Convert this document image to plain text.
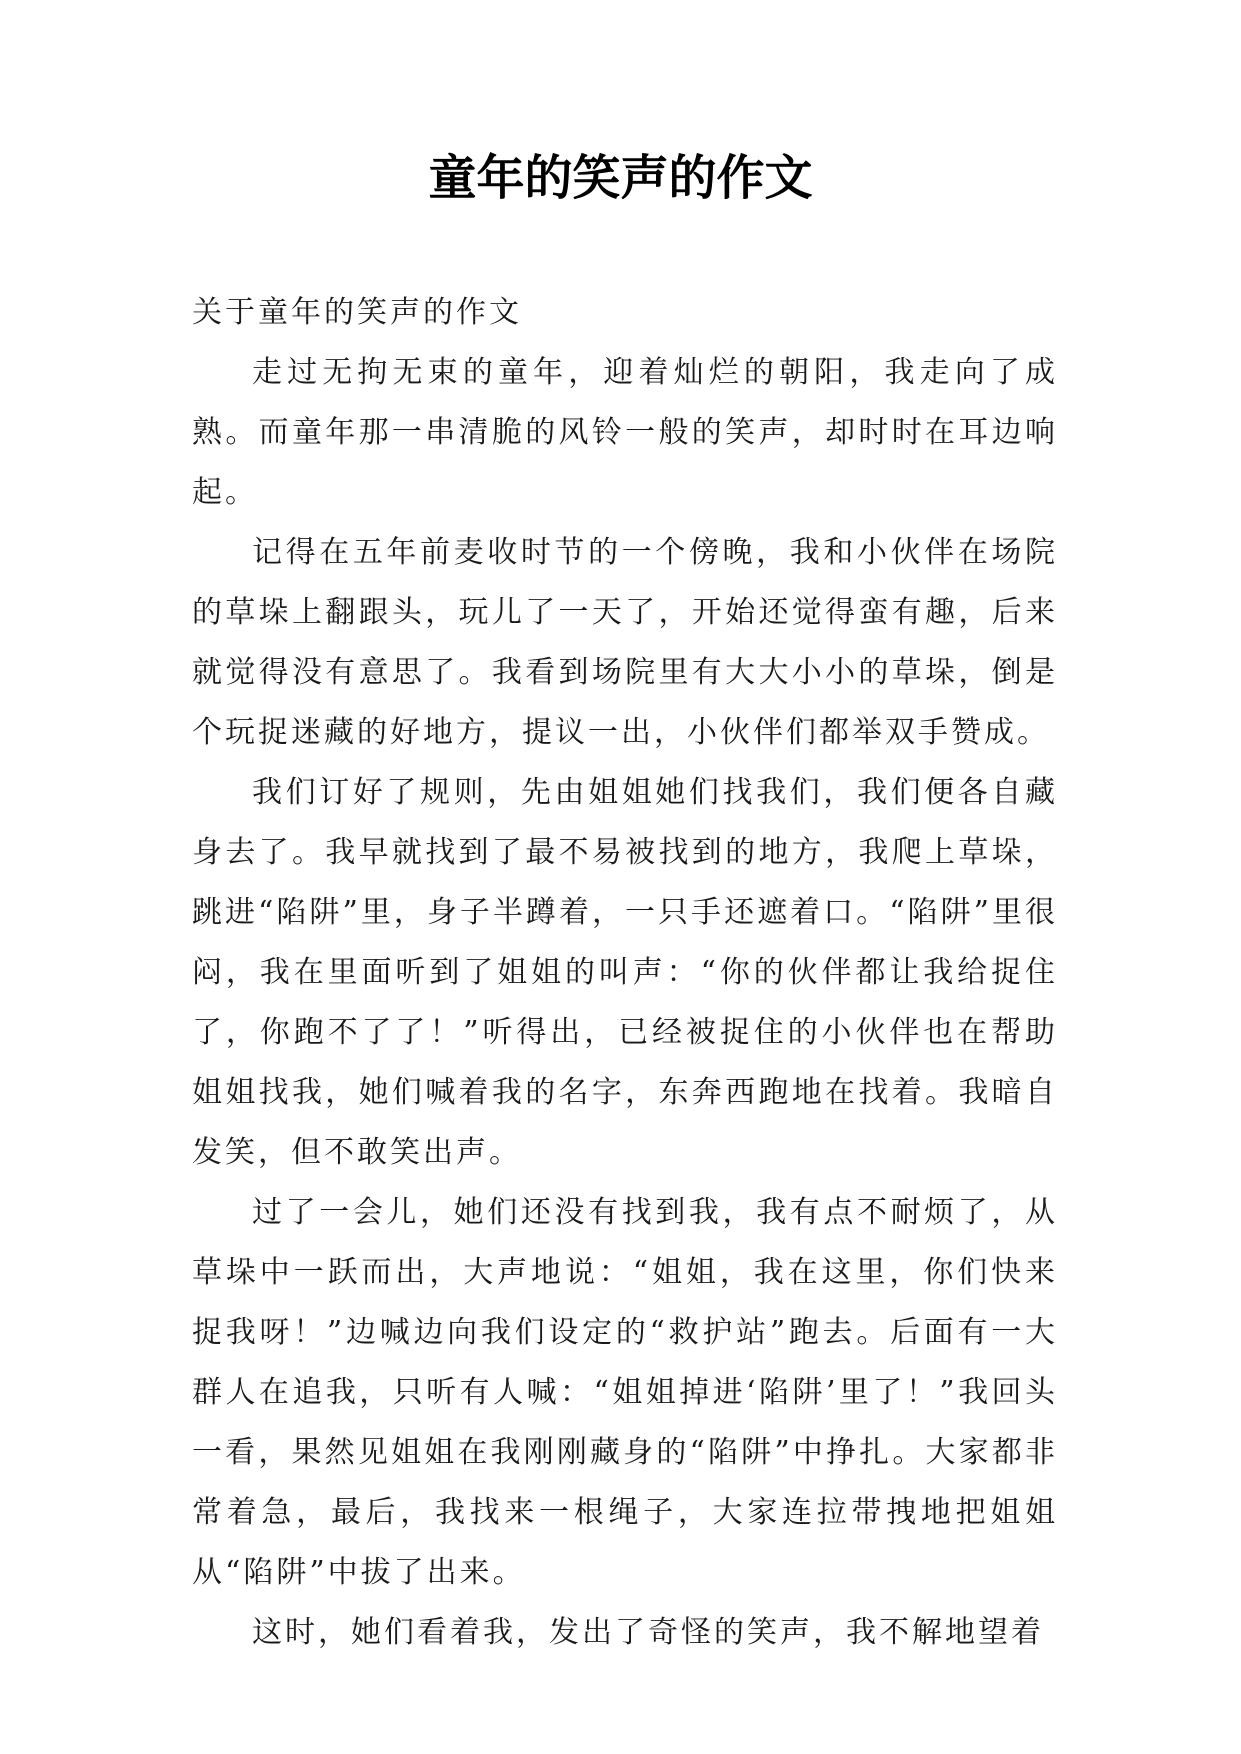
童年的笑声的作文

关于童年的笑声的作文

走过无拘无束的童年，迎着灿烂的朝阳，我走向了成熟。而童年那一串清脆的风铃一般的笑声，却时时在耳边响起。

记得在五年前麦收时节的一个傍晚，我和小伙伴在场院的草垛上翻跟头，玩儿了一天了，开始还觉得蛮有趣，后来就觉得没有意思了。我看到场院里有大大小小的草垛，倒是个玩捉迷藏的好地方，提议一出，小伙伴们都举双手赞成。

我们订好了规则，先由姐姐她们找我们，我们便各自藏身去了。我早就找到了最不易被找到的地方，我爬上草垛，跳进“陷阱”里，身子半蹲着，一只手还遮着口。“陷阱”里很闷，我在里面听到了姐姐的叫声：“你的伙伴都让我给捉住了，你跑不了了！”听得出，已经被捉住的小伙伴也在帮助姐姐找我，她们喊着我的名字，东奔西跑地在找着。我暗自发笑，但不敢笑出声。

过了一会儿，她们还没有找到我，我有点不耐烦了，从草垛中一跃而出，大声地说：“姐姐，我在这里，你们快来捉我呀！”边喊边向我们设定的“救护站”跑去。后面有一大群人在追我，只听有人喊：“姐姐掉进‘陷阱’里了！”我回头一看，果然见姐姐在我刚刚藏身的“陷阱”中挣扎。大家都非常着急，最后，我找来一根绳子，大家连拉带拽地把姐姐从“陷阱”中拔了出来。

这时，她们看着我，发出了奇怪的笑声，我不解地望着
